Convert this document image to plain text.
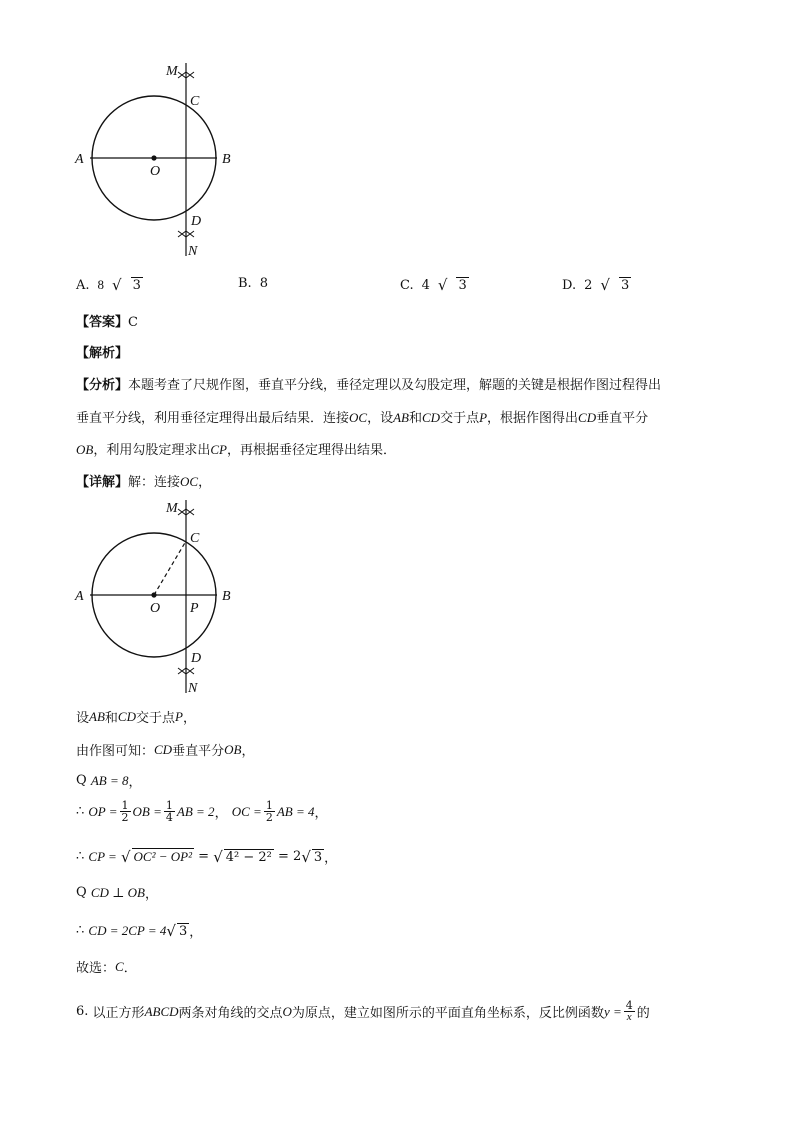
M
C
A
O
B
D
N
A. 8 √ 3	B. 8	C. 4 √ 3	D. 2 √ 3
【答案】C
【解析】
【分析】本题考查了尺规作图，垂直平分线，垂径定理以及勾股定理，解题的关键是根据作图过程得出
垂直平分线，利用垂径定理得出最后结果．连接OC，设AB和CD交于点P，根据作图得出CD垂直平分
OB，利用勾股定理求出CP，再根据垂径定理得出结果．
【详解】解：连接OC，
M
C
A
O P
B
D
N
设 AB 和 CD 交于点 P ，
由作图可知： CD 垂直平分 OB ，
Q
AB = 8 ，
∴
OP = $\frac{1}{2}$ OB = $\frac{1}{4}$ AB = 2 ，
OC = $\frac{1}{2}$ AB = 4 ，
∴
CP =
√ OC² − OP²
=
√ 4² − 2²
= 2 √ 3 ，
Q
CD ⊥ OB ，
∴
CD = 2CP = 4 √ 3 ，
故选： C ．
6.
以正方形 ABCD 两条对角线的交点 O 为原点，建立如图所示的平面直角坐标系，反比例函数 $y = \frac{4}{x}$ 的
